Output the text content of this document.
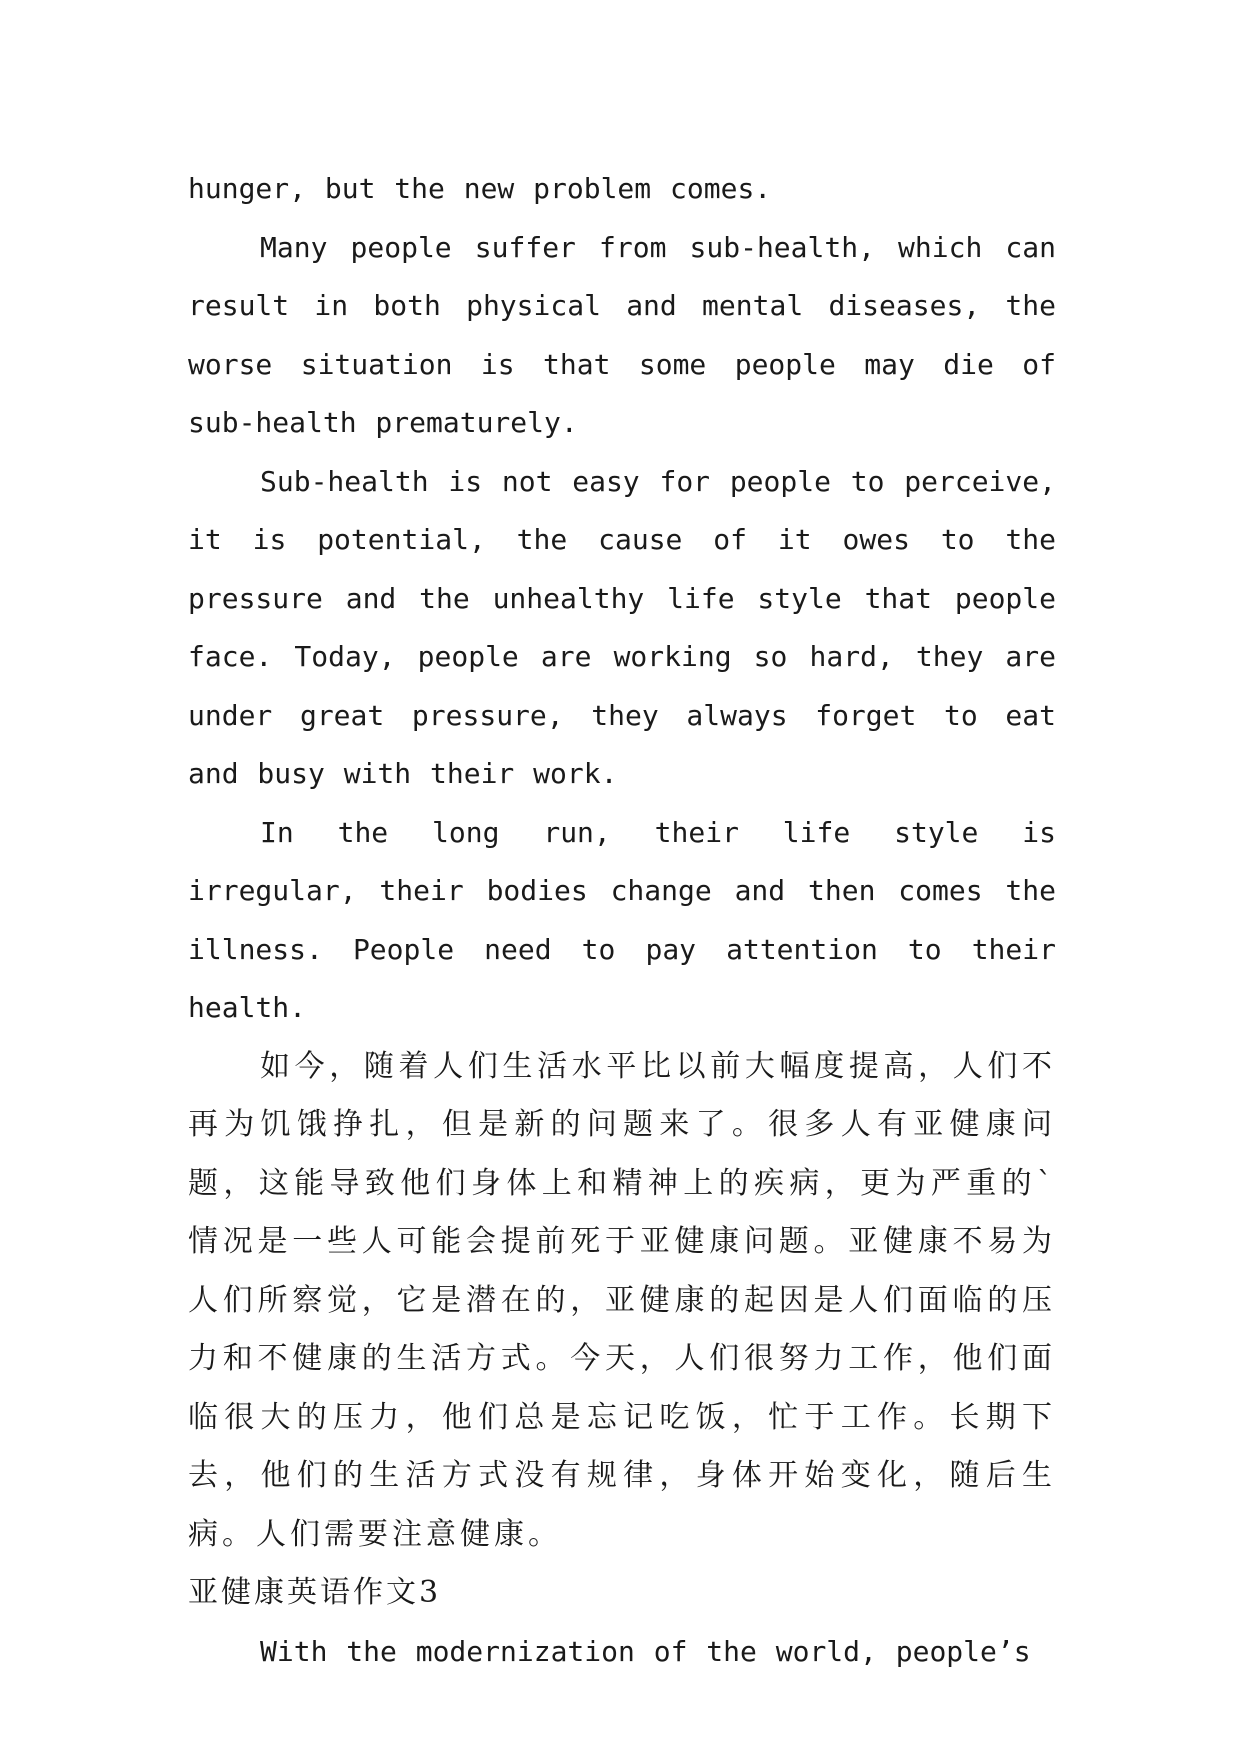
hunger, but the new problem comes.

Many people suffer from sub-health, which can result in both physical and mental diseases, the worse situation is that some people may die of sub-health prematurely.

Sub-health is not easy for people to perceive, it is potential, the cause of it owes to the pressure and the unhealthy life style that people face. Today, people are working so hard, they are under great pressure, they always forget to eat and busy with their work.

In the long run, their life style is irregular, their bodies change and then comes the illness. People need to pay attention to their health.

如今，随着人们生活水平比以前大幅度提高，人们不再为饥饿挣扎，但是新的问题来了。很多人有亚健康问题，这能导致他们身体上和精神上的疾病，更为严重的`情况是一些人可能会提前死于亚健康问题。亚健康不易为人们所察觉，它是潜在的，亚健康的起因是人们面临的压力和不健康的生活方式。今天，人们很努力工作，他们面临很大的压力，他们总是忘记吃饭，忙于工作。长期下去，他们的生活方式没有规律，身体开始变化，随后生病。人们需要注意健康。

亚健康英语作文3

With the modernization of the world, people’s
